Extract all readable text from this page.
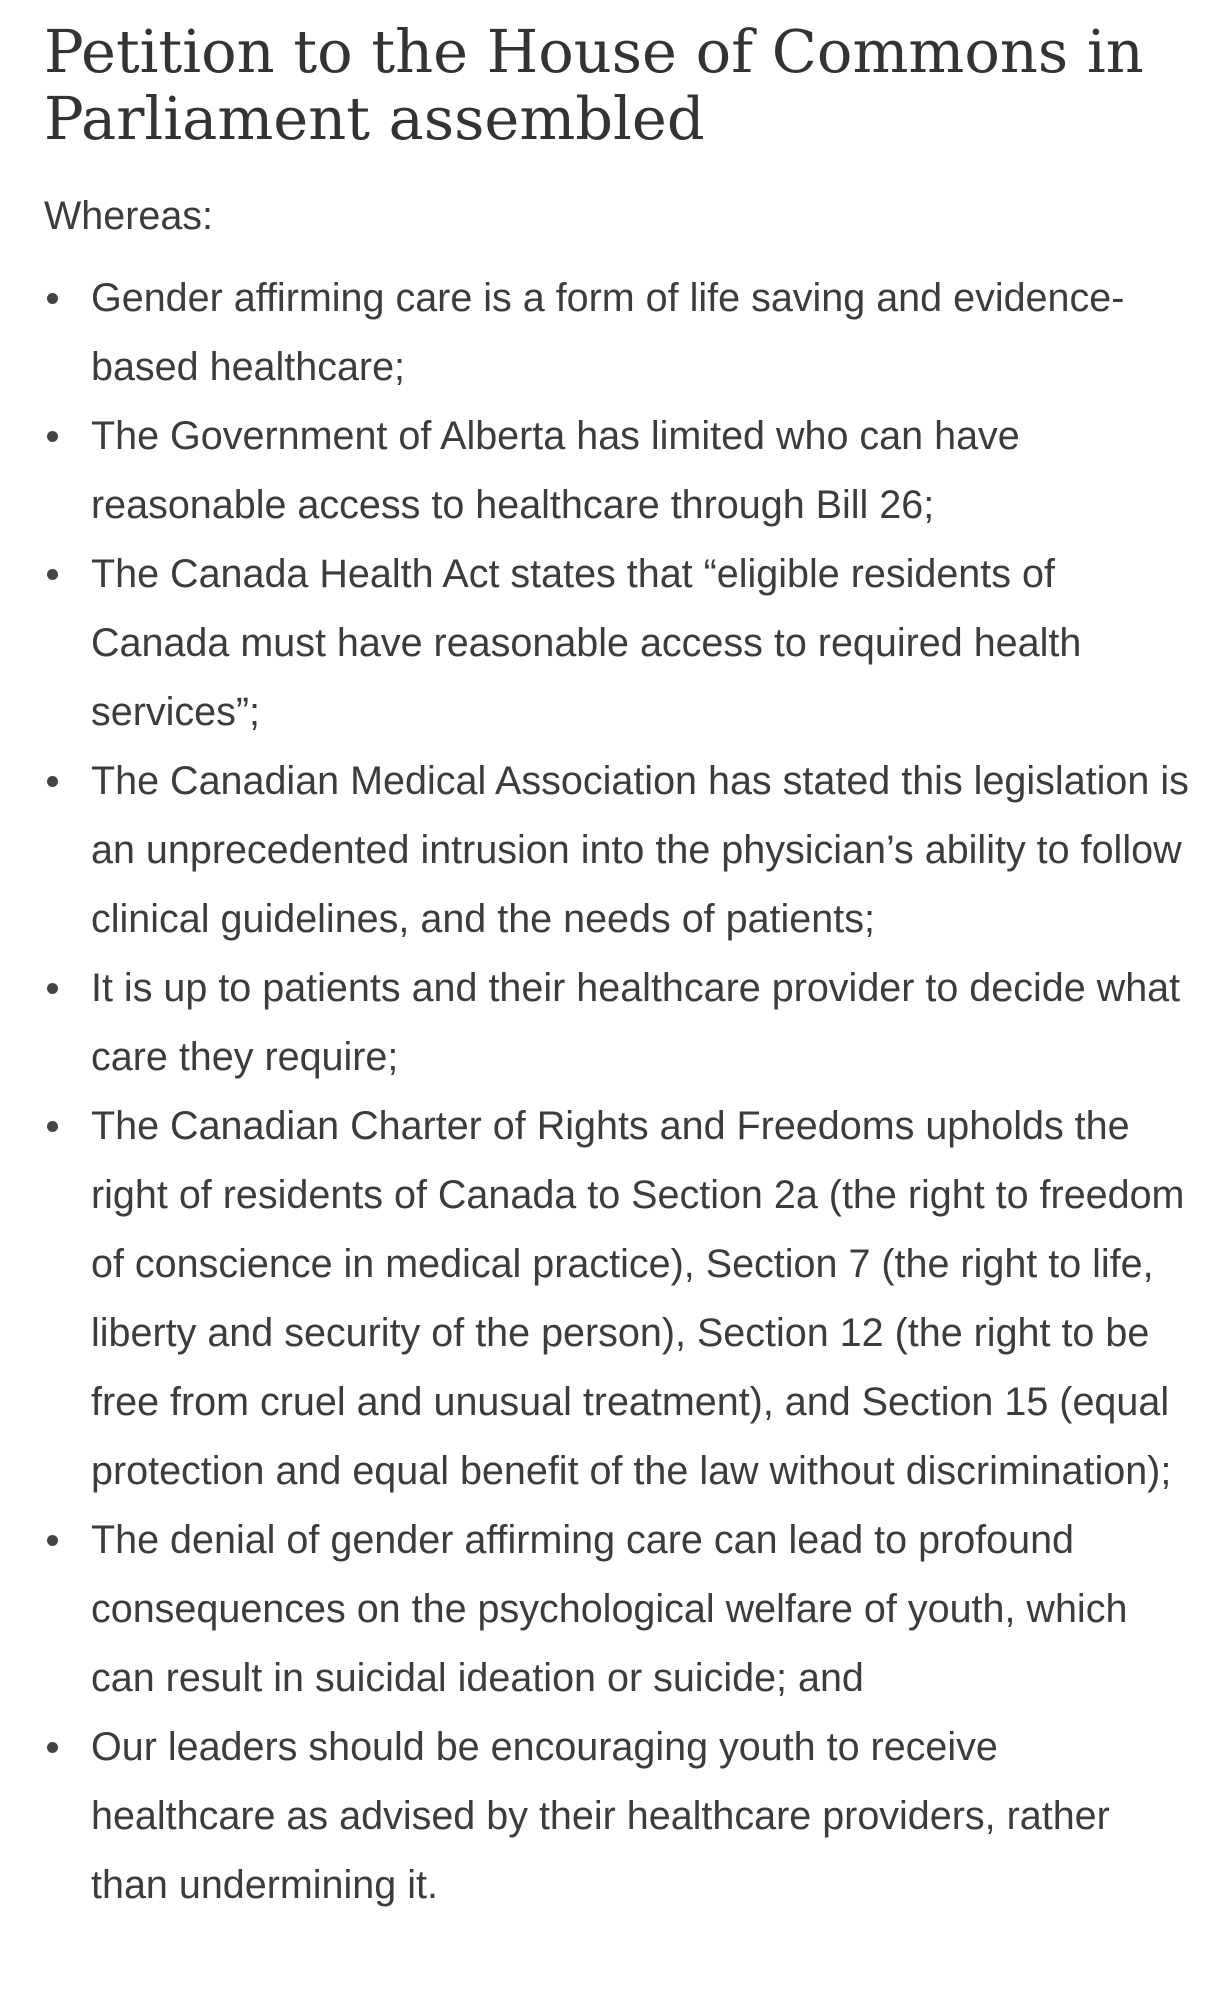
Petition to the House of Commons in Parliament assembled

Whereas:

Gender affirming care is a form of life saving and evidence-based healthcare;
The Government of Alberta has limited who can have reasonable access to healthcare through Bill 26;
The Canada Health Act states that “eligible residents of Canada must have reasonable access to required health services”;
The Canadian Medical Association has stated this legislation is an unprecedented intrusion into the physician’s ability to follow clinical guidelines, and the needs of patients;
It is up to patients and their healthcare provider to decide what care they require;
The Canadian Charter of Rights and Freedoms upholds the right of residents of Canada to Section 2a (the right to freedom of conscience in medical practice), Section 7 (the right to life, liberty and security of the person), Section 12 (the right to be free from cruel and unusual treatment), and Section 15 (equal protection and equal benefit of the law without discrimination);
The denial of gender affirming care can lead to profound consequences on the psychological welfare of youth, which can result in suicidal ideation or suicide; and
Our leaders should be encouraging youth to receive healthcare as advised by their healthcare providers, rather than undermining it.
